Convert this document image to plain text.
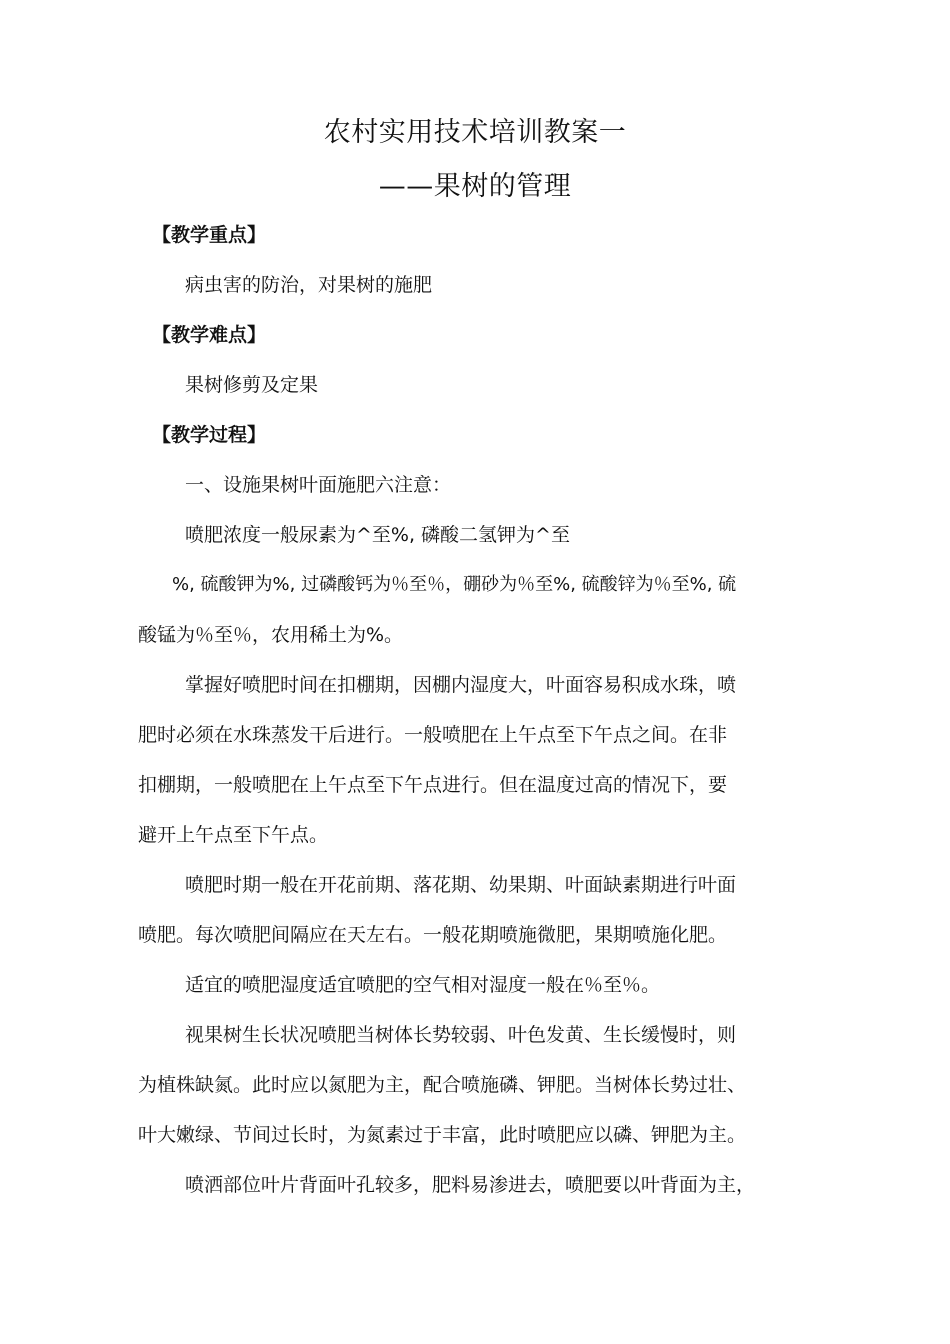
农村实用技术培训教案一
——果树的管理
【教学重点】
病虫害的防治，对果树的施肥
【教学难点】
果树修剪及定果
【教学过程】
一、设施果树叶面施肥六注意：
喷肥浓度一般尿素为^至%, 磷酸二氢钾为^至
%, 硫酸钾为%, 过磷酸钙为％至％，硼砂为％至%, 硫酸锌为％至%, 硫
酸锰为％至％，农用稀土为%。
掌握好喷肥时间在扣棚期，因棚内湿度大，叶面容易积成水珠，喷
肥时必须在水珠蒸发干后进行。一般喷肥在上午点至下午点之间。在非
扣棚期，一般喷肥在上午点至下午点进行。但在温度过高的情况下，要
避开上午点至下午点。
喷肥时期一般在开花前期、落花期、幼果期、叶面缺素期进行叶面
喷肥。每次喷肥间隔应在天左右。一般花期喷施微肥，果期喷施化肥。
适宜的喷肥湿度适宜喷肥的空气相对湿度一般在％至％。
视果树生长状况喷肥当树体长势较弱、叶色发黄、生长缓慢时，则
为植株缺氮。此时应以氮肥为主，配合喷施磷、钾肥。当树体长势过壮、
叶大嫩绿、节间过长时，为氮素过于丰富，此时喷肥应以磷、钾肥为主。
喷洒部位叶片背面叶孔较多，肥料易渗进去，喷肥要以叶背面为主，
